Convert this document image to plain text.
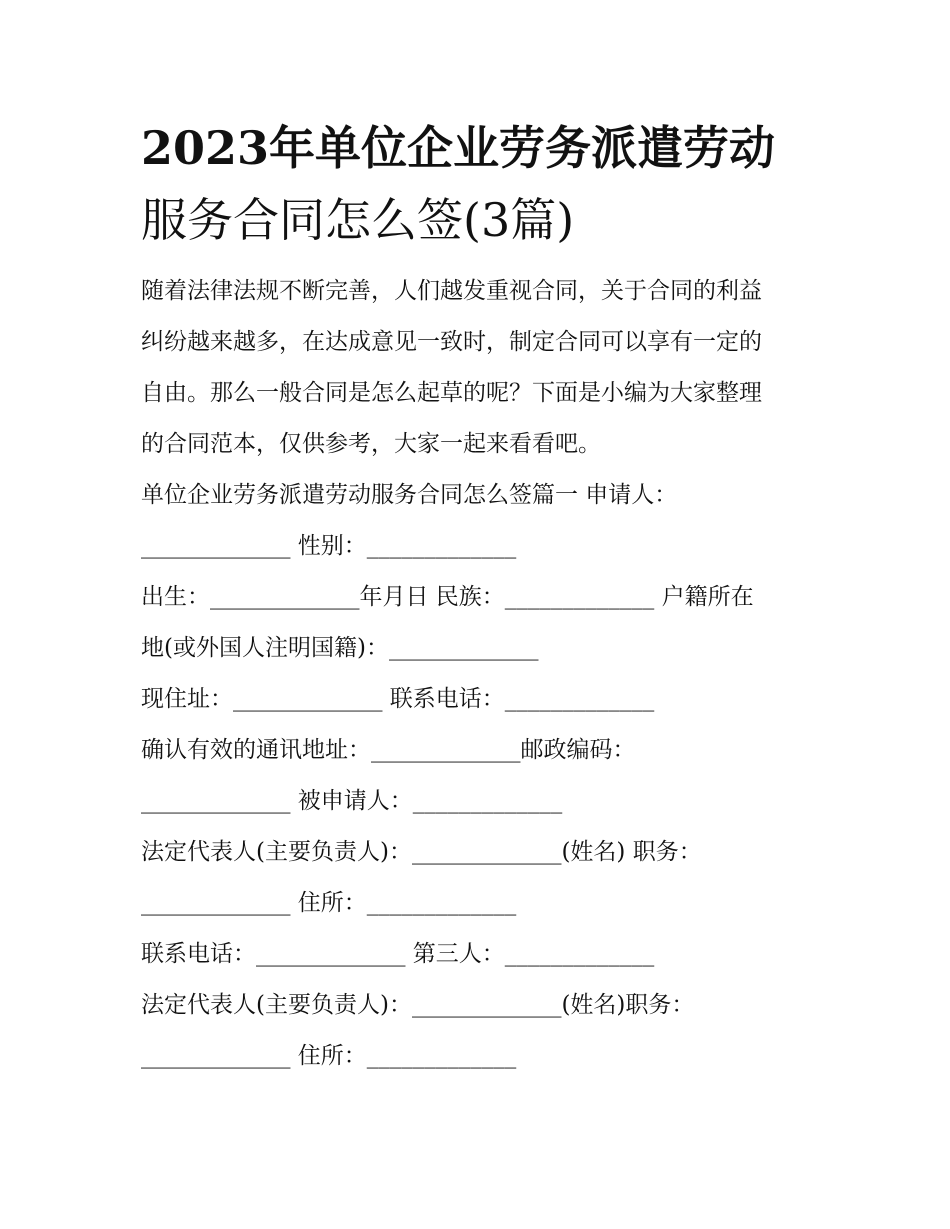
2023年单位企业劳务派遣劳动
服务合同怎么签(3篇)

随着法律法规不断完善，人们越发重视合同，关于合同的利益

纠纷越来越多，在达成意见一致时，制定合同可以享有一定的

自由。那么一般合同是怎么起草的呢？下面是小编为大家整理

的合同范本，仅供参考，大家一起来看看吧。

单位企业劳务派遣劳动服务合同怎么签篇一 申请人：

_____________ 性别：_____________

出生：_____________年月日 民族：_____________ 户籍所在

地(或外国人注明国籍)：_____________

现住址：_____________ 联系电话：_____________

确认有效的通讯地址：_____________邮政编码：

_____________ 被申请人：_____________

法定代表人(主要负责人)：_____________(姓名) 职务：

_____________ 住所：_____________

联系电话：_____________ 第三人：_____________

法定代表人(主要负责人)：_____________(姓名)职务：

_____________ 住所：_____________
